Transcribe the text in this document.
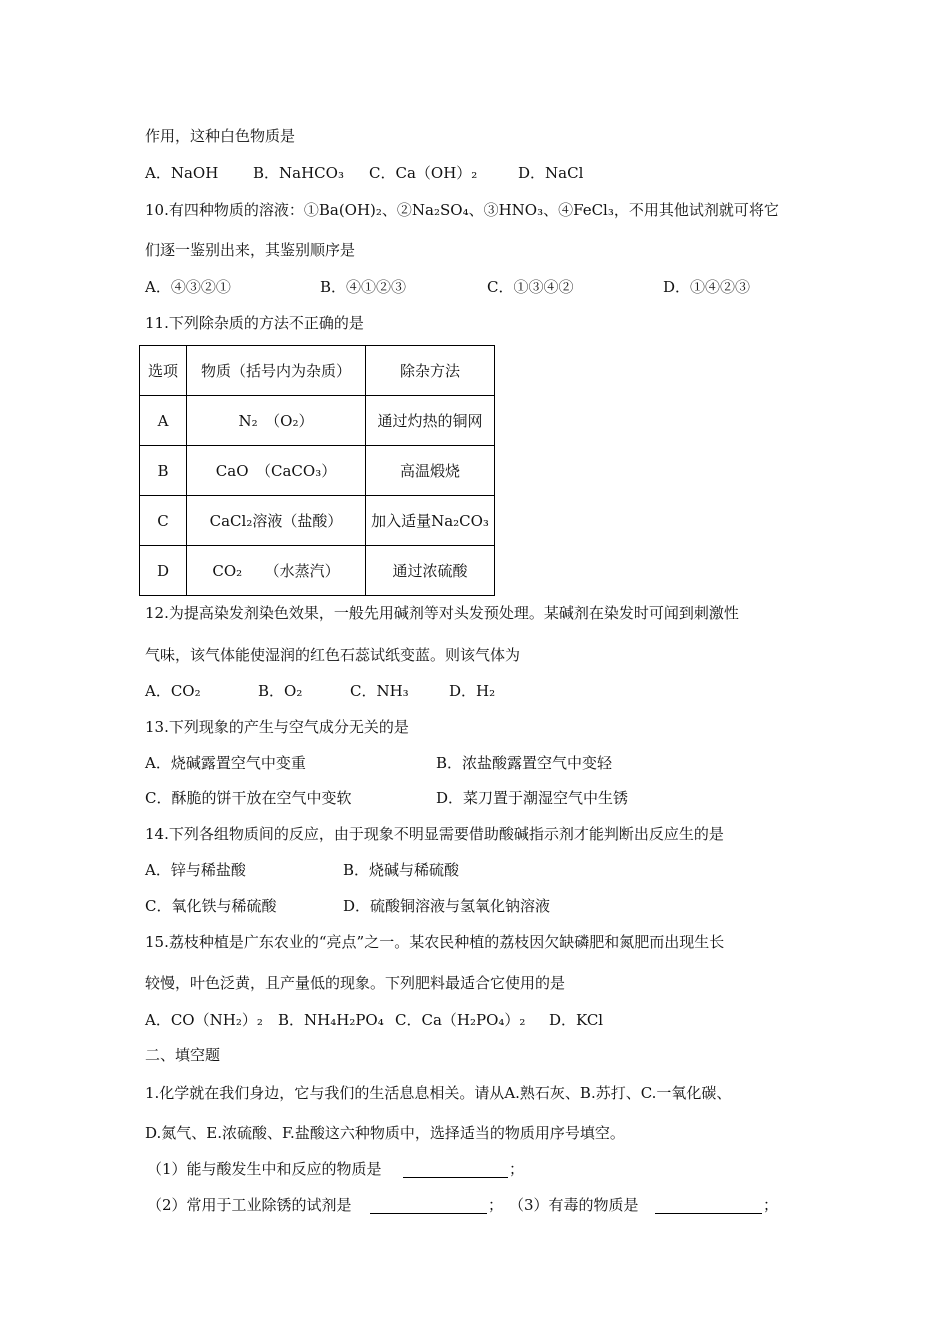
作用，这种白色物质是
A．NaOH B．NaHCO₃ C．Ca（OH）₂	D．NaCl
10.有四种物质的溶液：①Ba(OH)₂、②Na₂SO₄、③HNO₃、④FeCl₃，不用其他试剂就可将它
们逐一鉴别出来，其鉴别顺序是
A．④③②①	B．④①②③	C．①③④②	D．①④②③
11.下列除杂质的方法不正确的是
选项	物质（括号内为杂质）	除杂方法
A	N₂　（O₂）	通过灼热的铜网
B	CaO　（CaCO₃）	高温煅烧
C	CaCl₂溶液（盐酸）	加入适量Na₂CO₃
D	CO₂　　（水蒸汽）	通过浓硫酸
12.为提高染发剂染色效果，一般先用碱剂等对头发预处理。某碱剂在染发时可闻到刺激性
气味，该气体能使湿润的红色石蕊试纸变蓝。则该气体为
A．CO₂	B．O₂	C．NH₃	D．H₂
13.下列现象的产生与空气成分无关的是
A．烧碱露置空气中变重	B．浓盐酸露置空气中变轻
C．酥脆的饼干放在空气中变软	D．菜刀置于潮湿空气中生锈
14.下列各组物质间的反应，由于现象不明显需要借助酸碱指示剂才能判断出反应生的是
A．锌与稀盐酸	B．烧碱与稀硫酸
C．氧化铁与稀硫酸	D．硫酸铜溶液与氢氧化钠溶液
15.荔枝种植是广东农业的“亮点”之一。某农民种植的荔枝因欠缺磷肥和氮肥而出现生长
较慢，叶色泛黄，且产量低的现象。下列肥料最适合它使用的是
A．CO（NH₂）₂ B．NH₄H₂PO₄ C．Ca（H₂PO₄）₂ D．KCl
二、填空题
1.化学就在我们身边，它与我们的生活息息相关。请从A.熟石灰、B.苏打、C.一氧化碳、
D.氮气、E.浓硫酸、F.盐酸这六种物质中，选择适当的物质用序号填空。
（1）能与酸发生中和反应的物质是	；
（2）常用于工业除锈的试剂是	； （3）有毒的物质是	；
